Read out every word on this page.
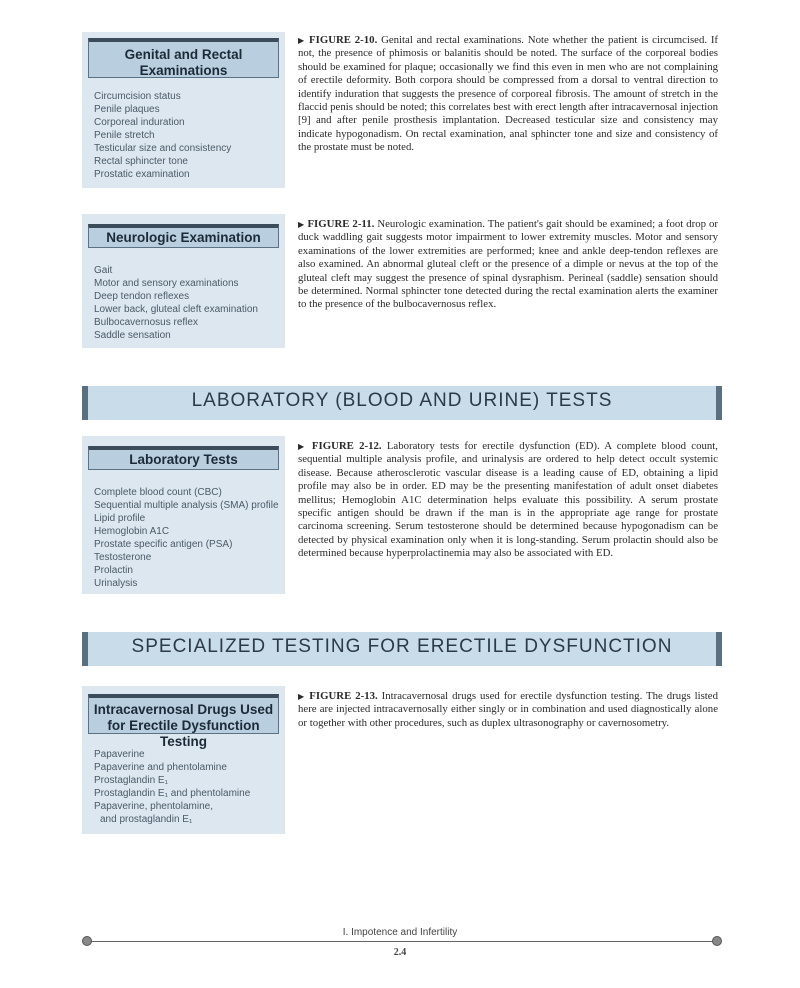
Genital and Rectal Examinations
Circumcision status
Penile plaques
Corporeal induration
Penile stretch
Testicular size and consistency
Rectal sphincter tone
Prostatic examination
▶ FIGURE 2-10. Genital and rectal examinations. Note whether the patient is circumcised. If not, the presence of phimosis or balanitis should be noted. The surface of the corporeal bodies should be examined for plaque; occasionally we find this even in men who are not complaining of erectile deformity. Both corpora should be compressed from a dorsal to ventral direction to identify induration that suggests the presence of corporeal fibrosis. The amount of stretch in the flaccid penis should be noted; this correlates best with erect length after intracavernosal injection [9] and after penile prosthesis implantation. Decreased testicular size and consistency may indicate hypogonadism. On rectal examination, anal sphincter tone and size and consistency of the prostate must be noted.
Neurologic Examination
Gait
Motor and sensory examinations
Deep tendon reflexes
Lower back, gluteal cleft examination
Bulbocavernosus reflex
Saddle sensation
▶ FIGURE 2-11. Neurologic examination. The patient's gait should be examined; a foot drop or duck waddling gait suggests motor impairment to lower extremity muscles. Motor and sensory examinations of the lower extremities are performed; knee and ankle deep-tendon reflexes are also examined. An abnormal gluteal cleft or the presence of a dimple or nevus at the top of the gluteal cleft may suggest the presence of spinal dysraphism. Perineal (saddle) sensation should be determined. Normal sphincter tone detected during the rectal examination alerts the examiner to the presence of the bulbocavernosus reflex.
LABORATORY (BLOOD AND URINE) TESTS
Laboratory Tests
Complete blood count (CBC)
Sequential multiple analysis (SMA) profile
Lipid profile
Hemoglobin A1C
Prostate specific antigen (PSA)
Testosterone
Prolactin
Urinalysis
▶ FIGURE 2-12. Laboratory tests for erectile dysfunction (ED). A complete blood count, sequential multiple analysis profile, and urinalysis are ordered to help detect occult systemic disease. Because atherosclerotic vascular disease is a leading cause of ED, obtaining a lipid profile may also be in order. ED may be the presenting manifestation of adult onset diabetes mellitus; Hemoglobin A1C determination helps evaluate this possibility. A serum prostate specific antigen should be drawn if the man is in the appropriate age range for prostate carcinoma screening. Serum testosterone should be determined because hypogonadism can be detected by physical examination only when it is long-standing. Serum prolactin should also be determined because hyperprolactinemia may also be associated with ED.
SPECIALIZED TESTING FOR ERECTILE DYSFUNCTION
Intracavernosal Drugs Used for Erectile Dysfunction Testing
Papaverine
Papaverine and phentolamine
Prostaglandin E₁
Prostaglandin E₁ and phentolamine
Papaverine, phentolamine,
and prostaglandin E₁
▶ FIGURE 2-13. Intracavernosal drugs used for erectile dysfunction testing. The drugs listed here are injected intracavernosally either singly or in combination and used diagnostically alone or together with other procedures, such as duplex ultrasonography or cavernosometry.
I. Impotence and Infertility
2.4
